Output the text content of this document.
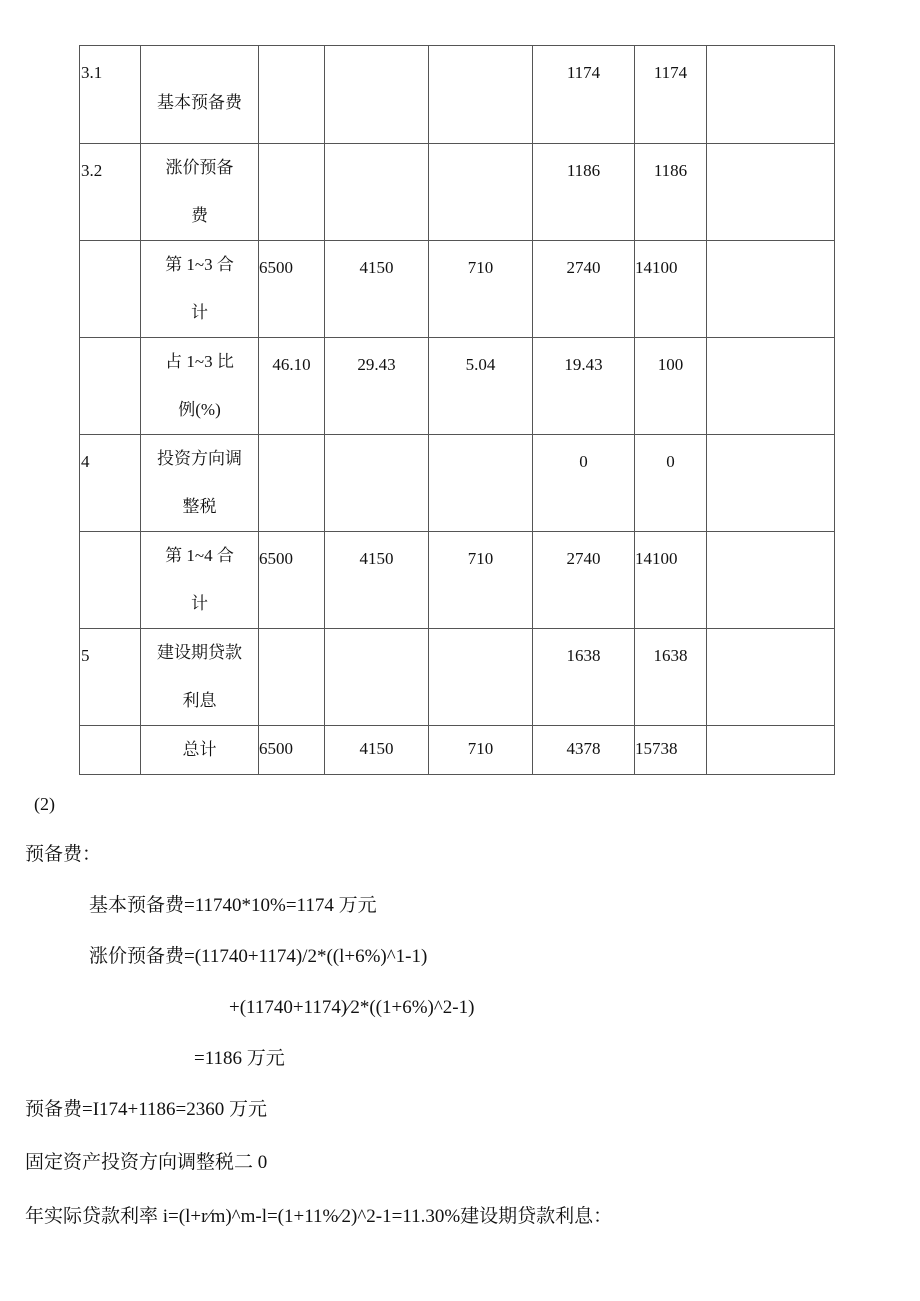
3.1	基本预备费				1174	1174	

3.2	涨价预备费				1186	1186	

	第 1~3 合计	6500	4150	710	2740	14100	

	占 1~3 比例(%)	46.10	29.43	5.04	19.43	100	

4	投资方向调整税				0	0	

	第 1~4 合计	6500	4150	710	2740	14100	

5	建设期贷款利息				1638	1638	

	总计	6500	4150	710	4378	15738	

(2)
预备费：
基本预备费=11740*10%=1174 万元
涨价预备费=(11740+1174)/2*((l+6%)^1-1)
+(11740+1174)⁄2*((1+6%)^2-1)
=1186 万元
预备费=I174+1186=2360 万元
固定资产投资方向调整税二 0
年实际贷款利率 i=(l+r⁄m)^m-l=(1+11%⁄2)^2-1=11.30%建设期贷款利息：
